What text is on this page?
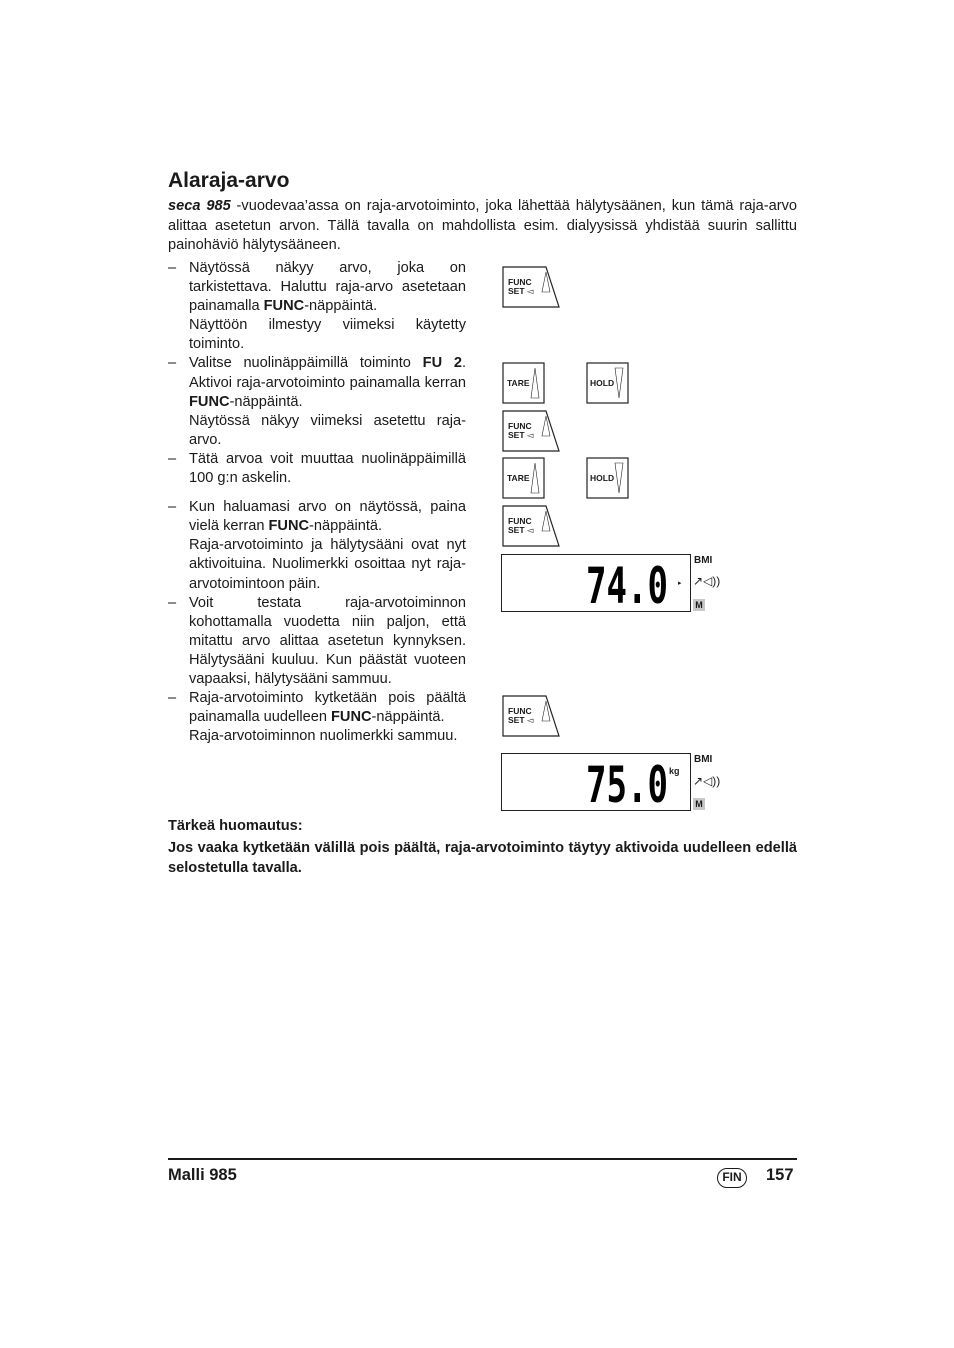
Alaraja-arvo
seca 985 -vuodevaa’assa on raja-arvotoiminto, joka lähettää hälytysäänen, kun tämä raja-arvo alittaa asetetun arvon. Tällä tavalla on mahdollista esim. dialyysissä yhdistää suurin sallittu painohäviö hälytysääneen.
– Näytössä näkyy arvo, joka on tarkistettava. Haluttu raja-arvo asetetaan painamalla FUNC-näppäintä.

Näyttöön ilmestyy viimeksi käytetty toiminto.

– Valitse nuolinäppäimillä toiminto FU 2. Aktivoi raja-arvotoiminto painamalla kerran FUNC-näppäintä.

Näytössä näkyy viimeksi asetettu raja-arvo.

– Tätä arvoa voit muuttaa nuolinäppäimillä 100 g:n askelin.

– Kun haluamasi arvo on näytössä, paina vielä kerran FUNC-näppäintä.

Raja-arvotoiminto ja hälytysääni ovat nyt aktivoituina. Nuolimerkki osoittaa nyt raja-arvotoimintoon päin.

– Voit testata raja-arvotoiminnon kohottamalla vuodetta niin paljon, että mitattu arvo alittaa asetetun kynnyksen. Hälytysääni kuuluu. Kun päästät vuoteen vapaaksi, hälytysääni sammuu.

– Raja-arvotoiminto kytketään pois päältä painamalla uudelleen FUNC-näppäintä.

Raja-arvotoiminnon nuolimerkki sammuu.

FUNC
SET ◅
TARE	HOLD
FUNC
SET ◅
TARE	HOLD
FUNC
SET ◅
74.0 ▸
BMI
↗◁))
M
FUNC
SET ◅
75.0 kg
BMI
↗◁))
M
Tärkeä huomautus:
Jos vaaka kytketään välillä pois päältä, raja-arvotoiminto täytyy aktivoida uudelleen edellä selostetulla tavalla.
Malli 985	FIN	157
